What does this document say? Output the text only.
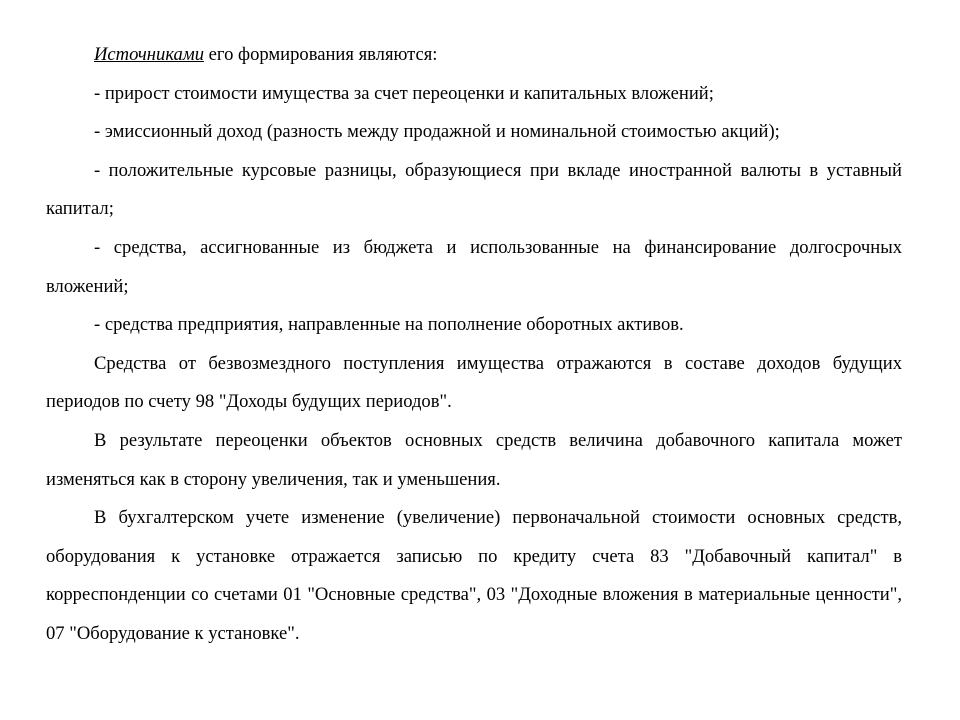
Источниками его формирования являются:

- прирост стоимости имущества за счет переоценки и капитальных вложений;

- эмиссионный доход (разность между продажной и номинальной стоимостью акций);

- положительные курсовые разницы, образующиеся при вкладе иностранной валюты в уставный капитал;

- средства, ассигнованные из бюджета и использованные на финансирование долгосрочных вложений;

- средства предприятия, направленные на пополнение оборотных активов.

Средства от безвозмездного поступления имущества отражаются в составе доходов будущих периодов по счету 98 "Доходы будущих периодов".

В результате переоценки объектов основных средств величина добавочного капитала может изменяться как в сторону увеличения, так и уменьшения.

В бухгалтерском учете изменение (увеличение) первоначальной стоимости основных средств, оборудования к установке отражается записью по кредиту счета 83 "Добавочный капитал" в корреспонденции со счетами 01 "Основные средства", 03 "Доходные вложения в материальные ценности", 07 "Оборудование к установке".
